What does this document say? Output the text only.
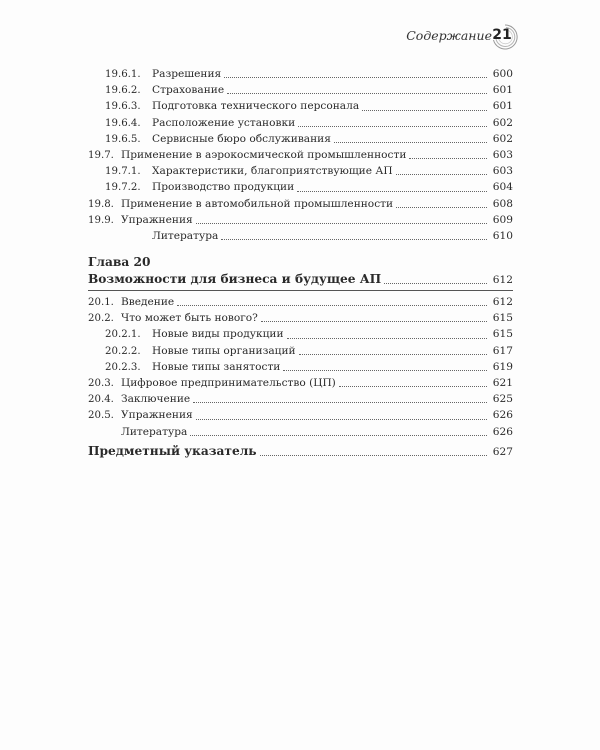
Содержание 21
19.6.1.	Разрешения	600
19.6.2.	Страхование	601
19.6.3.	Подготовка технического персонала	601
19.6.4.	Расположение установки	602
19.6.5.	Сервисные бюро обслуживания	602
19.7. Применение в аэрокосмической промышленности	603
19.7.1.	Характеристики, благоприятствующие АП	603
19.7.2.	Производство продукции	604
19.8. Применение в автомобильной промышленности	608
19.9. Упражнения	609
Литература	610
Глава 20
Возможности для бизнеса и будущее АП	612
20.1. Введение	612
20.2. Что может быть нового?	615
20.2.1.	Новые виды продукции	615
20.2.2.	Новые типы организаций	617
20.2.3.	Новые типы занятости	619
20.3. Цифровое предпринимательство (ЦП)	621
20.4. Заключение	625
20.5. Упражнения	626
Литература	626
Предметный указатель	627
